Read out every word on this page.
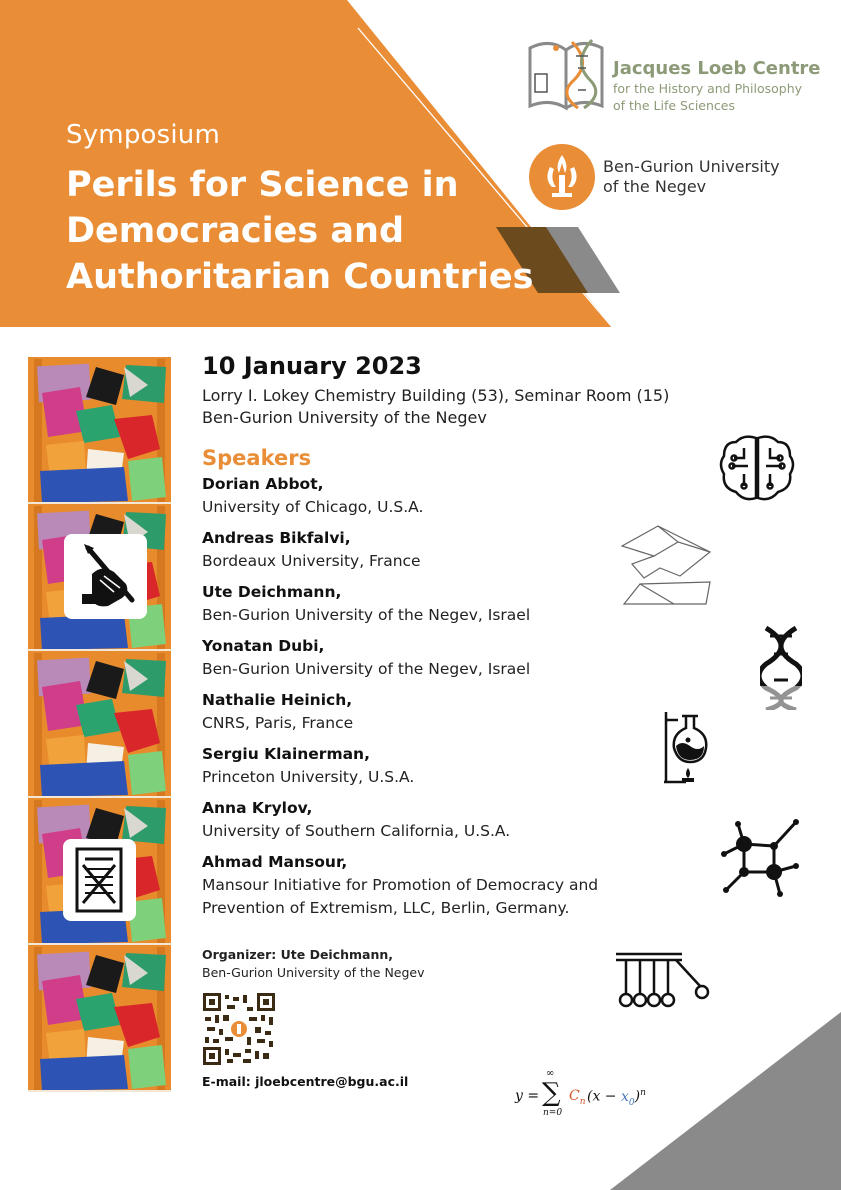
Symposium
Perils for Science in
Democracies and
Authoritarian Countries
Jacques Loeb Centre
for the History and Philosophy
of the Life Sciences
Ben-Gurion University
of the Negev
10 January 2023
Lorry I. Lokey Chemistry Building (53), Seminar Room (15)
Ben-Gurion University of the Negev
Speakers
Dorian Abbot,
University of Chicago, U.S.A.
Andreas Bikfalvi,
Bordeaux University, France
Ute Deichmann,
Ben-Gurion University of the Negev, Israel
Yonatan Dubi,
Ben-Gurion University of the Negev, Israel
Nathalie Heinich,
CNRS, Paris, France
Sergiu Klainerman,
Princeton University, U.S.A.
Anna Krylov,
University of Southern California, U.S.A.
Ahmad Mansour,
Mansour Initiative for Promotion of Democracy and
Prevention of Extremism, LLC, Berlin, Germany.
Organizer: Ute Deichmann,
Ben-Gurion University of the Negev
E-mail: jloebcentre@bgu.ac.il
y =
∞
∑
n=0
$C_n$ $(x - x_0)^n$
